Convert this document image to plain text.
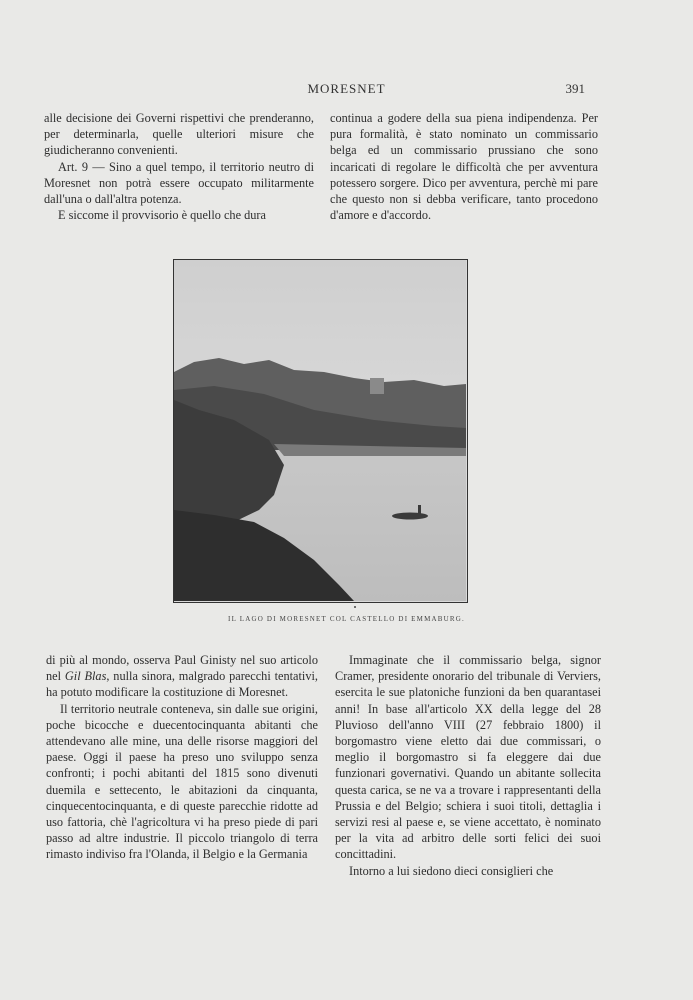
MORESNET	391

alle decisione dei Governi rispettivi che prenderanno, per determinarla, quelle ulteriori misure che giudicheranno convenienti.

Art. 9 — Sino a quel tempo, il territorio neutro di Moresnet non potrà essere occupato militarmente dall'una o dall'altra potenza.

E siccome il provvisorio è quello che dura

continua a godere della sua piena indipendenza. Per pura formalità, è stato nominato un commissario belga ed un commissario prussiano che sono incaricati di regolare le difficoltà che per avventura potessero sorgere. Dico per avventura, perchè mi pare che questo non si debba verificare, tanto procedono d'amore e d'accordo.

IL LAGO DI MORESNET COL CASTELLO DI EMMABURG.

di più al mondo, osserva Paul Ginisty nel suo articolo nel Gil Blas, nulla sinora, malgrado parecchi tentativi, ha potuto modificare la costituzione di Moresnet.

Il territorio neutrale conteneva, sin dalle sue origini, poche bicocche e duecentocinquanta abitanti che attendevano alle mine, una delle risorse maggiori del paese. Oggi il paese ha preso uno sviluppo senza confronti; i pochi abitanti del 1815 sono divenuti duemila e settecento, le abitazioni da cinquanta, cinquecentocinquanta, e di queste parecchie ridotte ad uso fattoria, chè l'agricoltura vi ha preso piede di pari passo ad altre industrie. Il piccolo triangolo di terra rimasto indiviso fra l'Olanda, il Belgio e la Germania

Immaginate che il commissario belga, signor Cramer, presidente onorario del tribunale di Verviers, esercita le sue platoniche funzioni da ben quarantasei anni! In base all'articolo XX della legge del 28 Pluvioso dell'anno VIII (27 febbraio 1800) il borgomastro viene eletto dai due commissari, o meglio il borgomastro si fa eleggere dai due funzionari governativi. Quando un abitante sollecita questa carica, se ne va a trovare i rappresentanti della Prussia e del Belgio; schiera i suoi titoli, dettaglia i servizi resi al paese e, se viene accettato, è nominato per la vita ad arbitro delle sorti felici dei suoi concittadini.

Intorno a lui siedono dieci consiglieri che
